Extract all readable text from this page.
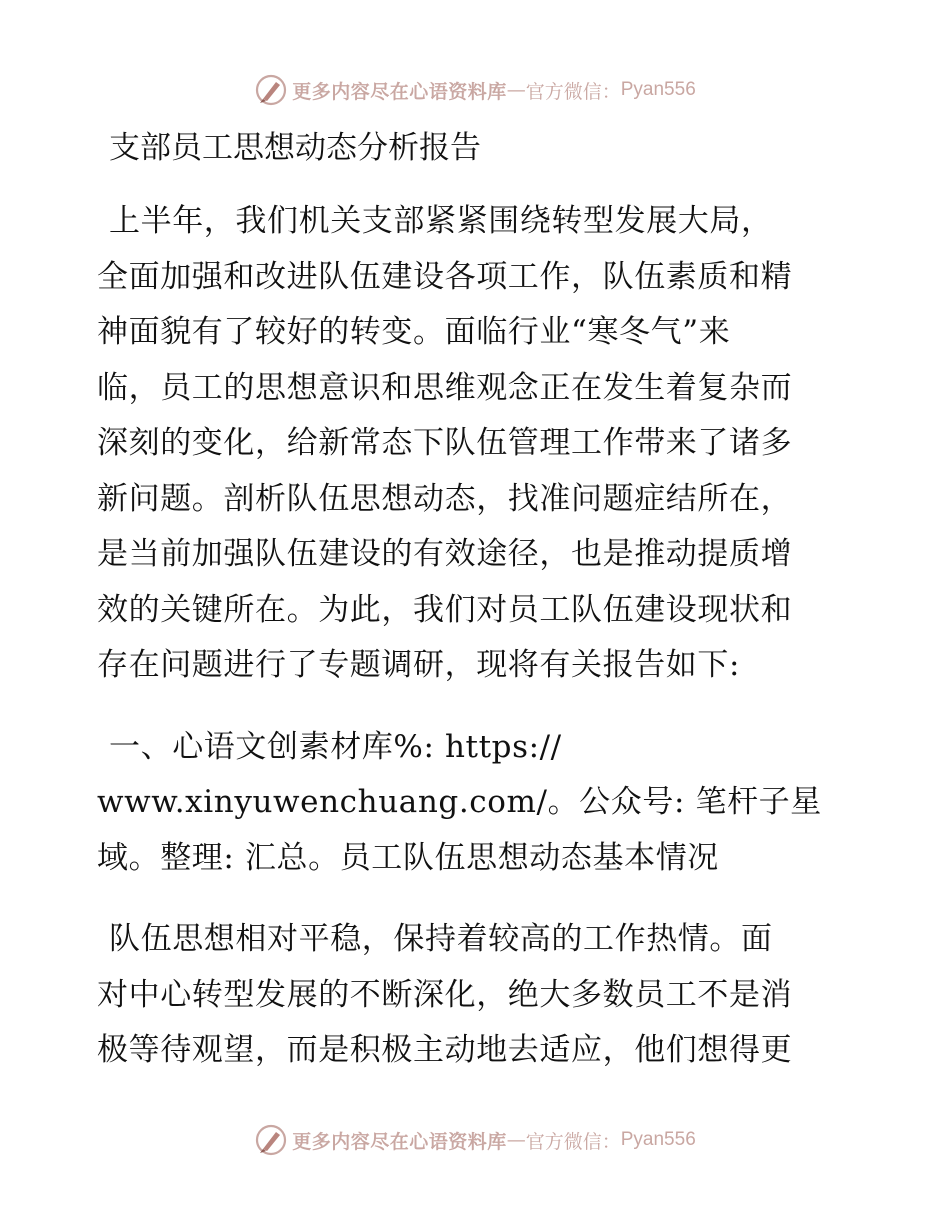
更多内容尽在心语资料库 — 官方微信： Pyan556
支部员工思想动态分析报告

上半年，我们机关支部紧紧围绕转型发展大局，
全面加强和改进队伍建设各项工作，队伍素质和精
神面貌有了较好的转变。面临行业“寒冬气”来
临，员工的思想意识和思维观念正在发生着复杂而
深刻的变化，给新常态下队伍管理工作带来了诸多
新问题。剖析队伍思想动态，找准问题症结所在，
是当前加强队伍建设的有效途径，也是推动提质增
效的关键所在。为此，我们对员工队伍建设现状和
存在问题进行了专题调研，现将有关报告如下:

一、心语文创素材库%: https://
www.xinyuwenchuang.com/。公众号: 笔杆子星
域。整理: 汇总。员工队伍思想动态基本情况

队伍思想相对平稳，保持着较高的工作热情。面
对中心转型发展的不断深化，绝大多数员工不是消
极等待观望，而是积极主动地去适应，他们想得更

更多内容尽在心语资料库 — 官方微信： Pyan556
